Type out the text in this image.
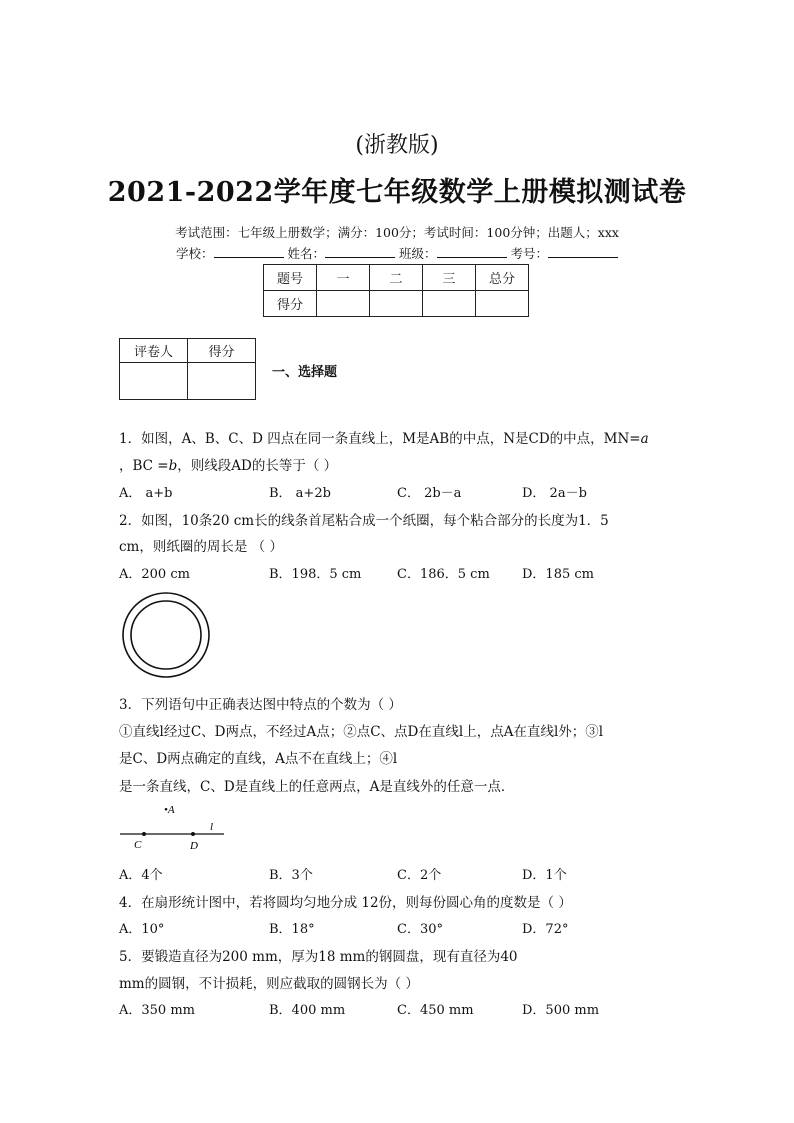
(浙教版)
2021-2022学年度七年级数学上册模拟测试卷
考试范围：七年级上册数学；满分：100分；考试时间：100分钟；出题人；xxx
学校：	姓名：	班级：	考号：
题号	一	二	三	总分
得分				
评卷人	得分

一、选择题
1．如图，A、B、C、D 四点在同一条直线上，M是AB的中点，N是CD的中点，MN=a
，BC =b，则线段AD的长等于（ ）
A． a+b	B． a+2b	C． 2b－a	D． 2a－b
2．如图，10条20 cm长的线条首尾粘合成一个纸圈，每个粘合部分的长度为1．5
cm，则纸圈的周长是 （ ）
A．200 cm	B．198．5 cm	C．186．5 cm D．185 cm
3．下列语句中正确表达图中特点的个数为（ ）
①直线l经过C、D两点，不经过A点；②点C、点D在直线l上，点A在直线l外；③l
是C、D两点确定的直线，A点不在直线上；④l
是一条直线，C、D是直线上的任意两点，A是直线外的任意一点．
•A
l
C	D
A．4个	B．3个	C．2个	D．1个
4．在扇形统计图中，若将圆均匀地分成 12份，则每份圆心角的度数是（ ）
A．10°	B．18°	C．30°	D．72°
5．要锻造直径为200 mm，厚为18 mm的钢圆盘，现有直径为40
mm的圆钢，不计损耗，则应截取的圆钢长为（ ）
A．350 mm	B．400 mm	C．450 mm	D．500 mm
